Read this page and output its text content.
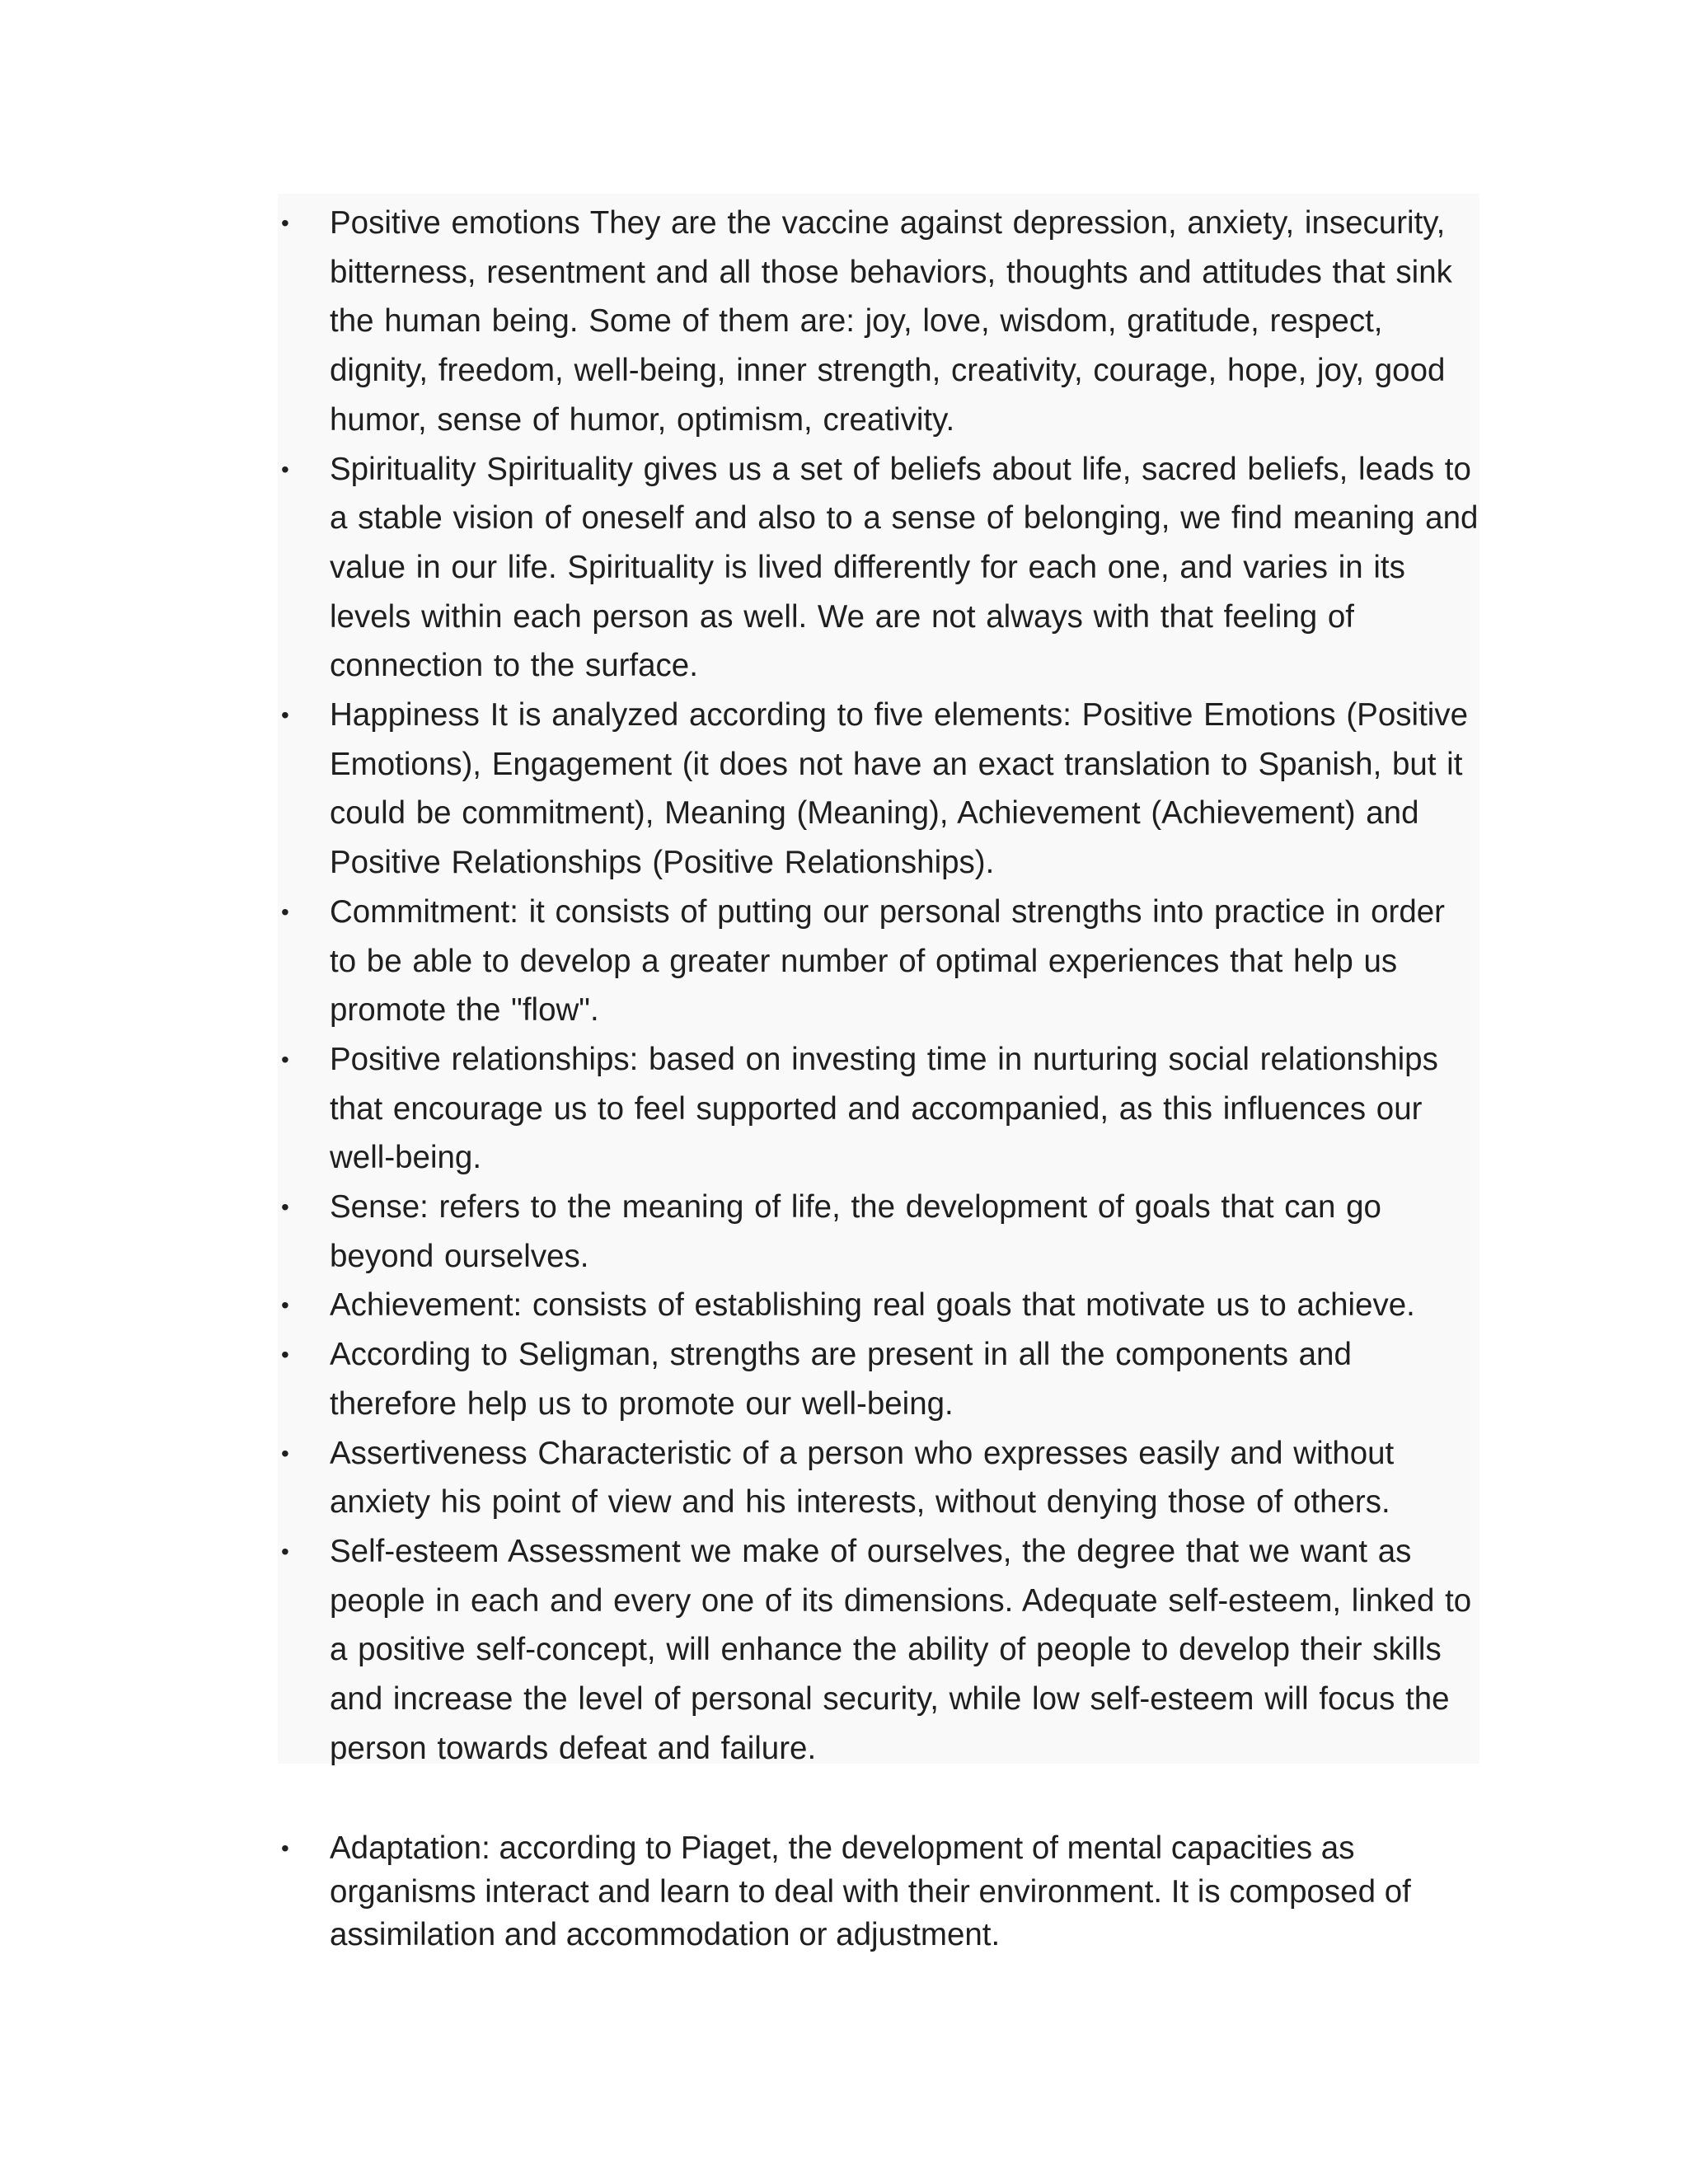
• Positive emotions They are the vaccine against depression, anxiety, insecurity, bitterness, resentment and all those behaviors, thoughts and attitudes that sink the human being. Some of them are: joy, love, wisdom, gratitude, respect, dignity, freedom, well-being, inner strength, creativity, courage, hope, joy, good humor, sense of humor, optimism, creativity.
• Spirituality Spirituality gives us a set of beliefs about life, sacred beliefs, leads to a stable vision of oneself and also to a sense of belonging, we find meaning and value in our life. Spirituality is lived differently for each one, and varies in its levels within each person as well. We are not always with that feeling of connection to the surface.
• Happiness It is analyzed according to five elements: Positive Emotions (Positive Emotions), Engagement (it does not have an exact translation to Spanish, but it could be commitment), Meaning (Meaning), Achievement (Achievement) and Positive Relationships (Positive Relationships).
• Commitment: it consists of putting our personal strengths into practice in order to be able to develop a greater number of optimal experiences that help us promote the "flow".
• Positive relationships: based on investing time in nurturing social relationships that encourage us to feel supported and accompanied, as this influences our well-being.
• Sense: refers to the meaning of life, the development of goals that can go beyond ourselves.
• Achievement: consists of establishing real goals that motivate us to achieve.
• According to Seligman, strengths are present in all the components and therefore help us to promote our well-being.
• Assertiveness Characteristic of a person who expresses easily and without anxiety his point of view and his interests, without denying those of others.
• Self-esteem Assessment we make of ourselves, the degree that we want as people in each and every one of its dimensions. Adequate self-esteem, linked to a positive self-concept, will enhance the ability of people to develop their skills and increase the level of personal security, while low self-esteem will focus the person towards defeat and failure.
• Adaptation: according to Piaget, the development of mental capacities as organisms interact and learn to deal with their environment. It is composed of assimilation and accommodation or adjustment.
